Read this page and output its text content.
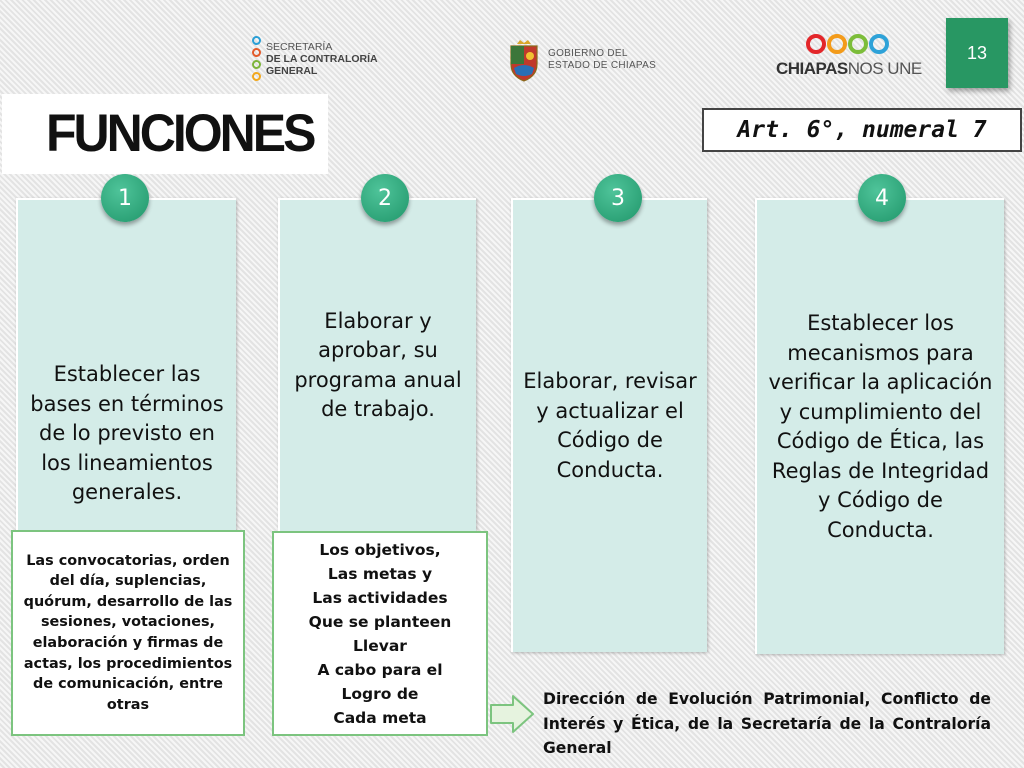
SECRETARÍA
DE LA CONTRALORÍA
GENERAL
GOBIERNO DEL
ESTADO DE CHIAPAS	CHIAPASNOS UNE
13
FUNCIONES	Art. 6°, numeral 7

Establecer las bases en términos de lo previsto en los lineamientos generales.

Elaborar y aprobar, su programa anual de trabajo.

Elaborar, revisar y actualizar el Código de Conducta.

Establecer los mecanismos para verificar la aplicación y cumplimiento del Código de Ética, las Reglas de Integridad y Código de Conducta.

1	2	3	4

Las convocatorias, orden del día, suplencias, quórum, desarrollo de las sesiones, votaciones, elaboración y firmas de actas, los procedimientos de comunicación, entre otras

Los objetivos,
Las metas y
Las actividades
Que se planteen
Llevar
A cabo para el
Logro de
Cada meta

Dirección de Evolución Patrimonial, Conflicto de Interés y Ética, de la Secretaría de la Contraloría General
